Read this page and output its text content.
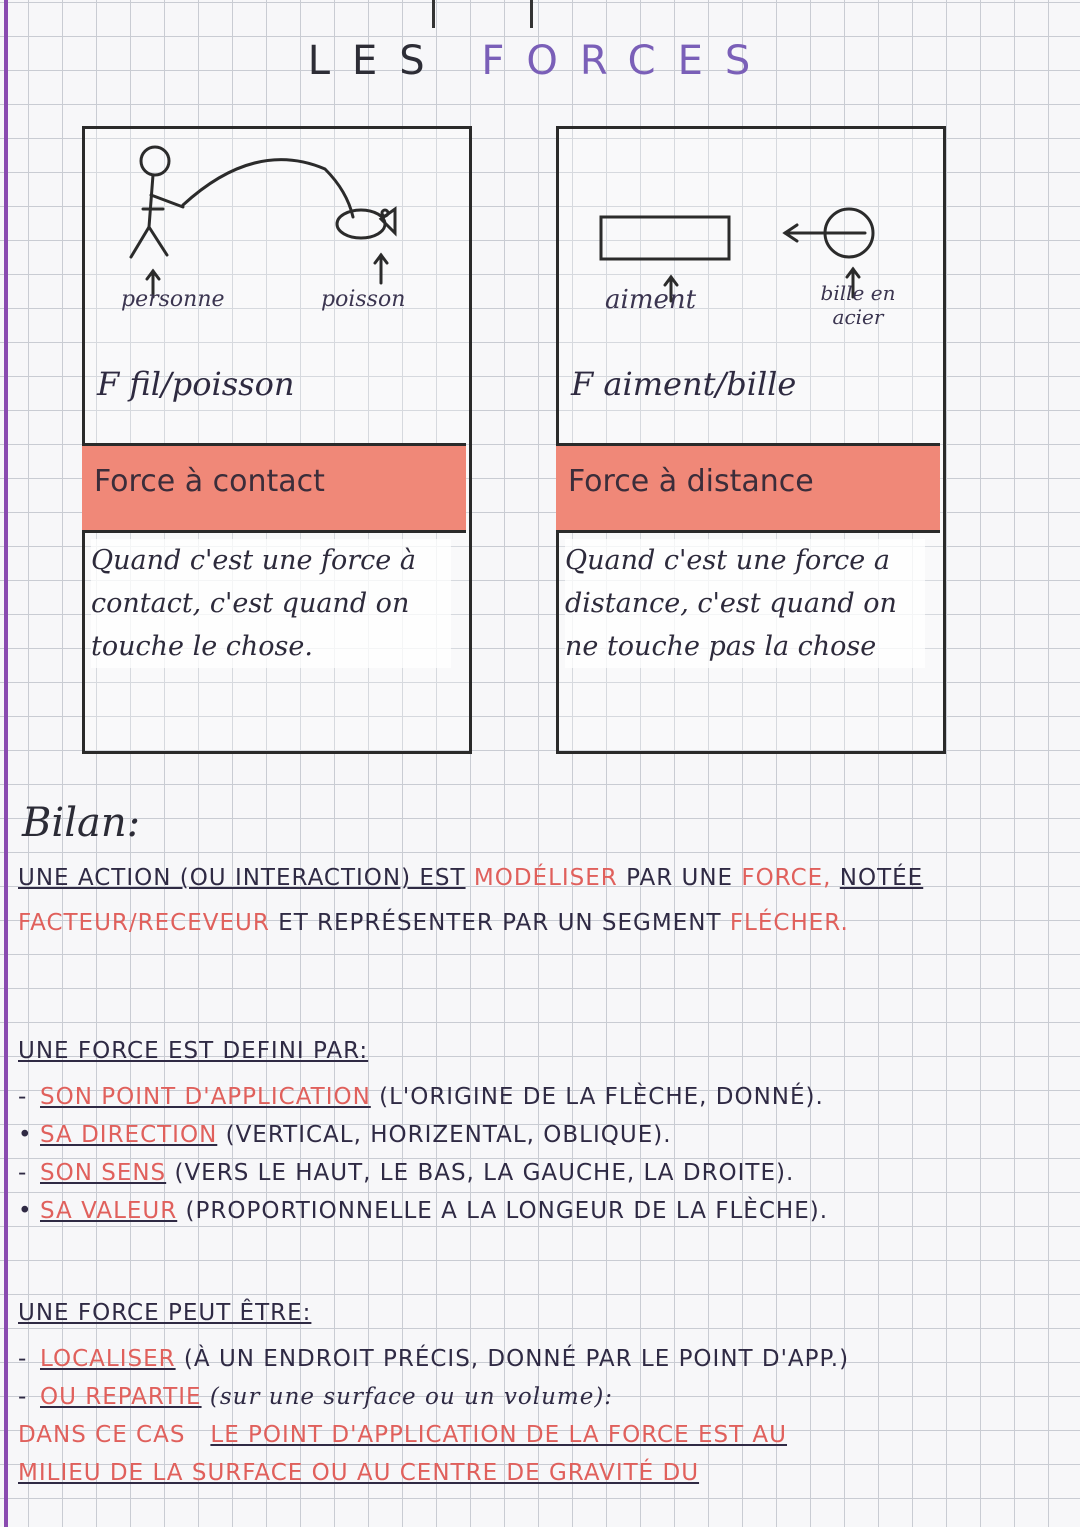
LES FORCES
personne	poisson
F fil/poisson
Force à contact
Quand c'est une force à contact, c'est quand on touche le chose.
aiment	bille en acier
F aiment/bille
Force à distance
Quand c'est une force a distance, c'est quand on ne touche pas la chose
Bilan:
UNE ACTION (OU INTERACTION) EST MODÉLISER PAR UNE FORCE, NOTÉE FACTEUR/RECEVEUR ET REPRÉSENTER PAR UN SEGMENT FLÉCHER.
UNE FORCE EST DEFINI PAR:
- SON POINT D'APPLICATION (L'ORIGINE DE LA FLÈCHE, DONNÉ).
• SA DIRECTION (VERTICAL, HORIZENTAL, OBLIQUE).
- SON SENS (VERS LE HAUT, LE BAS, LA GAUCHE, LA DROITE).
• SA VALEUR (PROPORTIONNELLE A LA LONGEUR DE LA FLÈCHE).
UNE FORCE PEUT ÊTRE:
- LOCALISER (À UN ENDROIT PRÉCIS, DONNÉ PAR LE POINT D'APP.)
- OU REPARTIE (sur une surface ou un volume):
DANS CE CAS LE POINT D'APPLICATION DE LA FORCE EST AU
MILIEU DE LA SURFACE OU AU CENTRE DE GRAVITÉ DU
